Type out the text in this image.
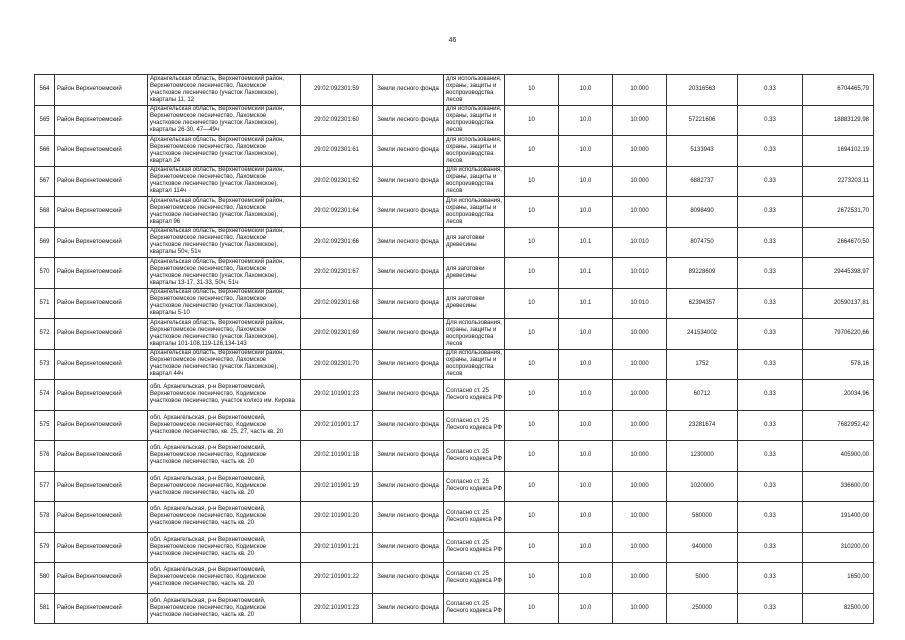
46
564	Район Верхнетоемский	Архангельская область, Верхнетоемский район, Верхнетоемское лесничество, Лахомское участковое лесничество (участок Лахомское), кварталы 11, 12	29:02:092301:59	Земли лесного фонда	для использования, охраны, защиты и воспроизводства лесов	10	10.0	10:000	20316563	0.33	6704465,79
565	Район Верхнетоемский	Архангельская область, Верхнетоемский район, Верхнетоемское лесничество, Лахомское участковое лесничество (участок Лахомское), кварталы 26-30, 47—49ч	29:02:092301:60	Земли лесного фонда	для использования, охраны, защиты и воспроизводства лесов	10	10.0	10:000	57221606	0.33	18883129,98
566	Район Верхнетоемский	Архангельская область, Верхнетоемский район, Верхнетоемское лесничество, Лахомское участковое лесничество (участок Лахомское), квартал 24	29:02:092301:61	Земли лесного фонда	для использования, охраны, защиты и воспроизводства лесов	10	10.0	10:000	5133943	0.33	1694102,19
567	Район Верхнетоемский	Архангельская область, Верхнетоемский район, Верхнетоемское лесничество, Лахомское участковое лесничество (участок Лахомское), квартал 114ч	29:02:092301:62	Земли лесного фонда	Для использования, охраны, защиты и воспроизводства лесов	10	10.0	10:000	6882737	0.33	2273203,11
568	Район Верхнетоемский	Архангельская область, Верхнетоемский район, Верхнетоемское лесничество, Лахомское участковое лесничество (участок Лахомское), квартал 96	29:02:092301:64	Земли лесного фонда	Для использования, охраны, защиты и воспроизводства лесов	10	10.0	10:000	8098490	0.33	2672531,70
569	Район Верхнетоемский	Архангельская область, Верхнетоемский район, Верхнетоемское лесничество, Лахомское участковое лесничество (участок Лахомское), кварталы 50ч, 51ч	29:02:092301:66	Земли лесного фонда	для заготовки древесины	10	10.1	10:010	8074750	0.33	2664670,50
570	Район Верхнетоемский	Архангельская область, Верхнетоемский район, Верхнетоемское лесничество, Лахомское участковое лесничество (участок Лахомское), кварталы 13-17, 31-33, 50ч, 51ч	29:02:092301:67	Земли лесного фонда	для заготовки древесины	10	10.1	10:010	89228609	0.33	29445398,97
571	Район Верхнетоемский	Архангельская область, Верхнетоемский район, Верхнетоемское лесничество, Лахомское участковое лесничество (участок Лахомское), кварталы 5-10	29:02:092301:68	Земли лесного фонда	для заготовки древесины	10	10.1	10:010	62394357	0.33	20590137,81
572	Район Верхнетоемский	Архангельская область, Верхнетоемский район, Верхнетоемское лесничество, Лахомское участковое лесничество (участок Лахомское), кварталы 101-108,119-126,134-143	29:02:092301:69	Земли лесного фонда	Для использования, охраны, защиты и воспроизводства лесов	10	10.0	10:000	241534002	0.33	79706220,66
573	Район Верхнетоемский	Архангельская область, Верхнетоемский район, Верхнетоемское лесничество, Лахомское участковое лесничество (участок Лахомское), квартал 44ч	29:02:092301:70	Земли лесного фонда	Для использования, охраны, защиты и воспроизводства лесов	10	10.0	10:000	1752	0.33	578,16
574	Район Верхнетоемский	обл. Архангельская, р-н Верхнетоемский, Верхнетоемское лесничество, Кодимское участковое лесничество, участок колхоз им. Кирова	29:02:101901:23	Земли лесного фонда	Согласно ст. 25 Лесного кодекса РФ	10	10.0	10:000	60712	0.33	20034,96
575	Район Верхнетоемский	обл. Архангельская, р-н Верхнетоемский, Верхнетоемское лесничество, Кодимское участковое лесничество, кв. 25, 27, часть кв. 20	29:02:101901:17	Земли лесного фонда	Согласно ст. 25 Лесного кодекса РФ	10	10.0	10:000	23281674	0.33	7682952,42
576	Район Верхнетоемский	обл. Архангельская, р-н Верхнетоемский, Верхнетоемское лесничество, Кодимское участковое лесничество, часть кв. 20	29:02:101901:18	Земли лесного фонда	Согласно ст. 25 Лесного кодекса РФ	10	10.0	10:000	1230000	0.33	405900,00
577	Район Верхнетоемский	обл. Архангельская, р-н Верхнетоемский, Верхнетоемское лесничество, Кодимское участковое лесничество, часть кв. 20	29:02:101901:19	Земли лесного фонда	Согласно ст. 25 Лесного кодекса РФ	10	10.0	10:000	1020000	0.33	336600,00
578	Район Верхнетоемский	обл. Архангельская, р-н Верхнетоемский, Верхнетоемское лесничество, Кодимское участковое лесничество, часть кв. 20	29:02:101901:20	Земли лесного фонда	Согласно ст. 25 Лесного кодекса РФ	10	10.0	10:000	580000	0.33	191400,00
579	Район Верхнетоемский	обл. Архангельская, р-н Верхнетоемский, Верхнетоемское лесничество, Кодимское участковое лесничество, часть кв. 20	29:02:101901:21	Земли лесного фонда	Согласно ст. 25 Лесного кодекса РФ	10	10.0	10:000	940000	0.33	310200,00
580	Район Верхнетоемский	обл. Архангельская, р-н Верхнетоемский, Верхнетоемское лесничество, Кодимское участковое лесничество, часть кв. 20	29:02:101901:22	Земли лесного фонда	Согласно ст. 25 Лесного кодекса РФ	10	10.0	10:000	5000	0.33	1650,00
581	Район Верхнетоемский	обл. Архангельская, р-н Верхнетоемский, Верхнетоемское лесничество, Кодимское участковое лесничество, часть кв. 20	29:02:101901:23	Земли лесного фонда	Согласно ст. 25 Лесного кодекса РФ	10	10.0	10:000	250000	0.33	82500,00
